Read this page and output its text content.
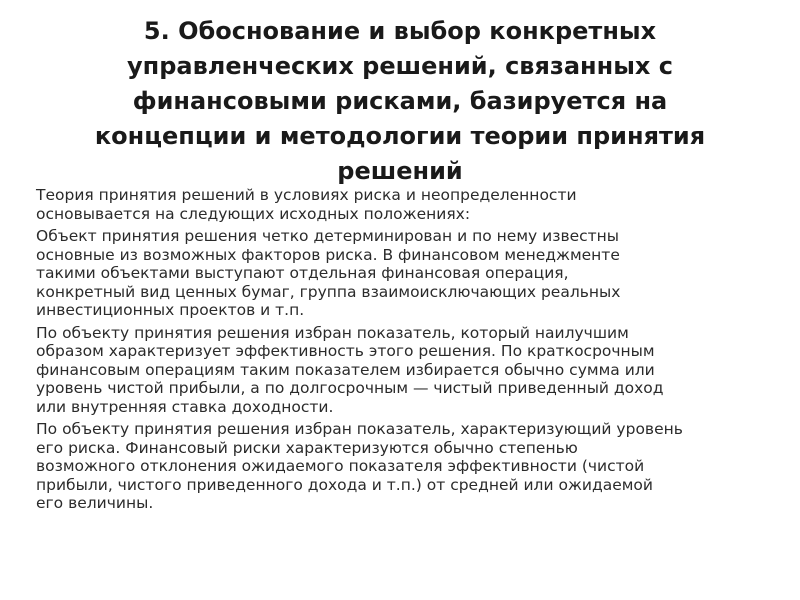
5. Обоснование и выбор конкретных
управленческих решений, связанных с
финансовыми рисками, базируется на
концепции и методологии теории принятия
решений

Теория принятия решений в условиях риска и неопределенности
основывается на следующих исходных положениях:

Объект принятия решения четко детерминирован и по нему известны
основные из возможных факторов риска. В финансовом менеджменте
такими объектами выступают отдельная финансовая операция,
конкретный вид ценных бумаг, группа взаимоисключающих реальных
инвестиционных проектов и т.п.

По объекту принятия решения избран показатель, который наилучшим
образом характеризует эффективность этого решения. По краткосрочным
финансовым операциям таким показателем избирается обычно сумма или
уровень чистой прибыли, а по долгосрочным — чистый приведенный доход
или внутренняя ставка доходности.

По объекту принятия решения избран показатель, характеризующий уровень
его риска. Финансовый риски характеризуются обычно степенью
возможного отклонения ожидаемого показателя эффективности (чистой
прибыли, чистого приведенного дохода и т.п.) от средней или ожидаемой
его величины.
